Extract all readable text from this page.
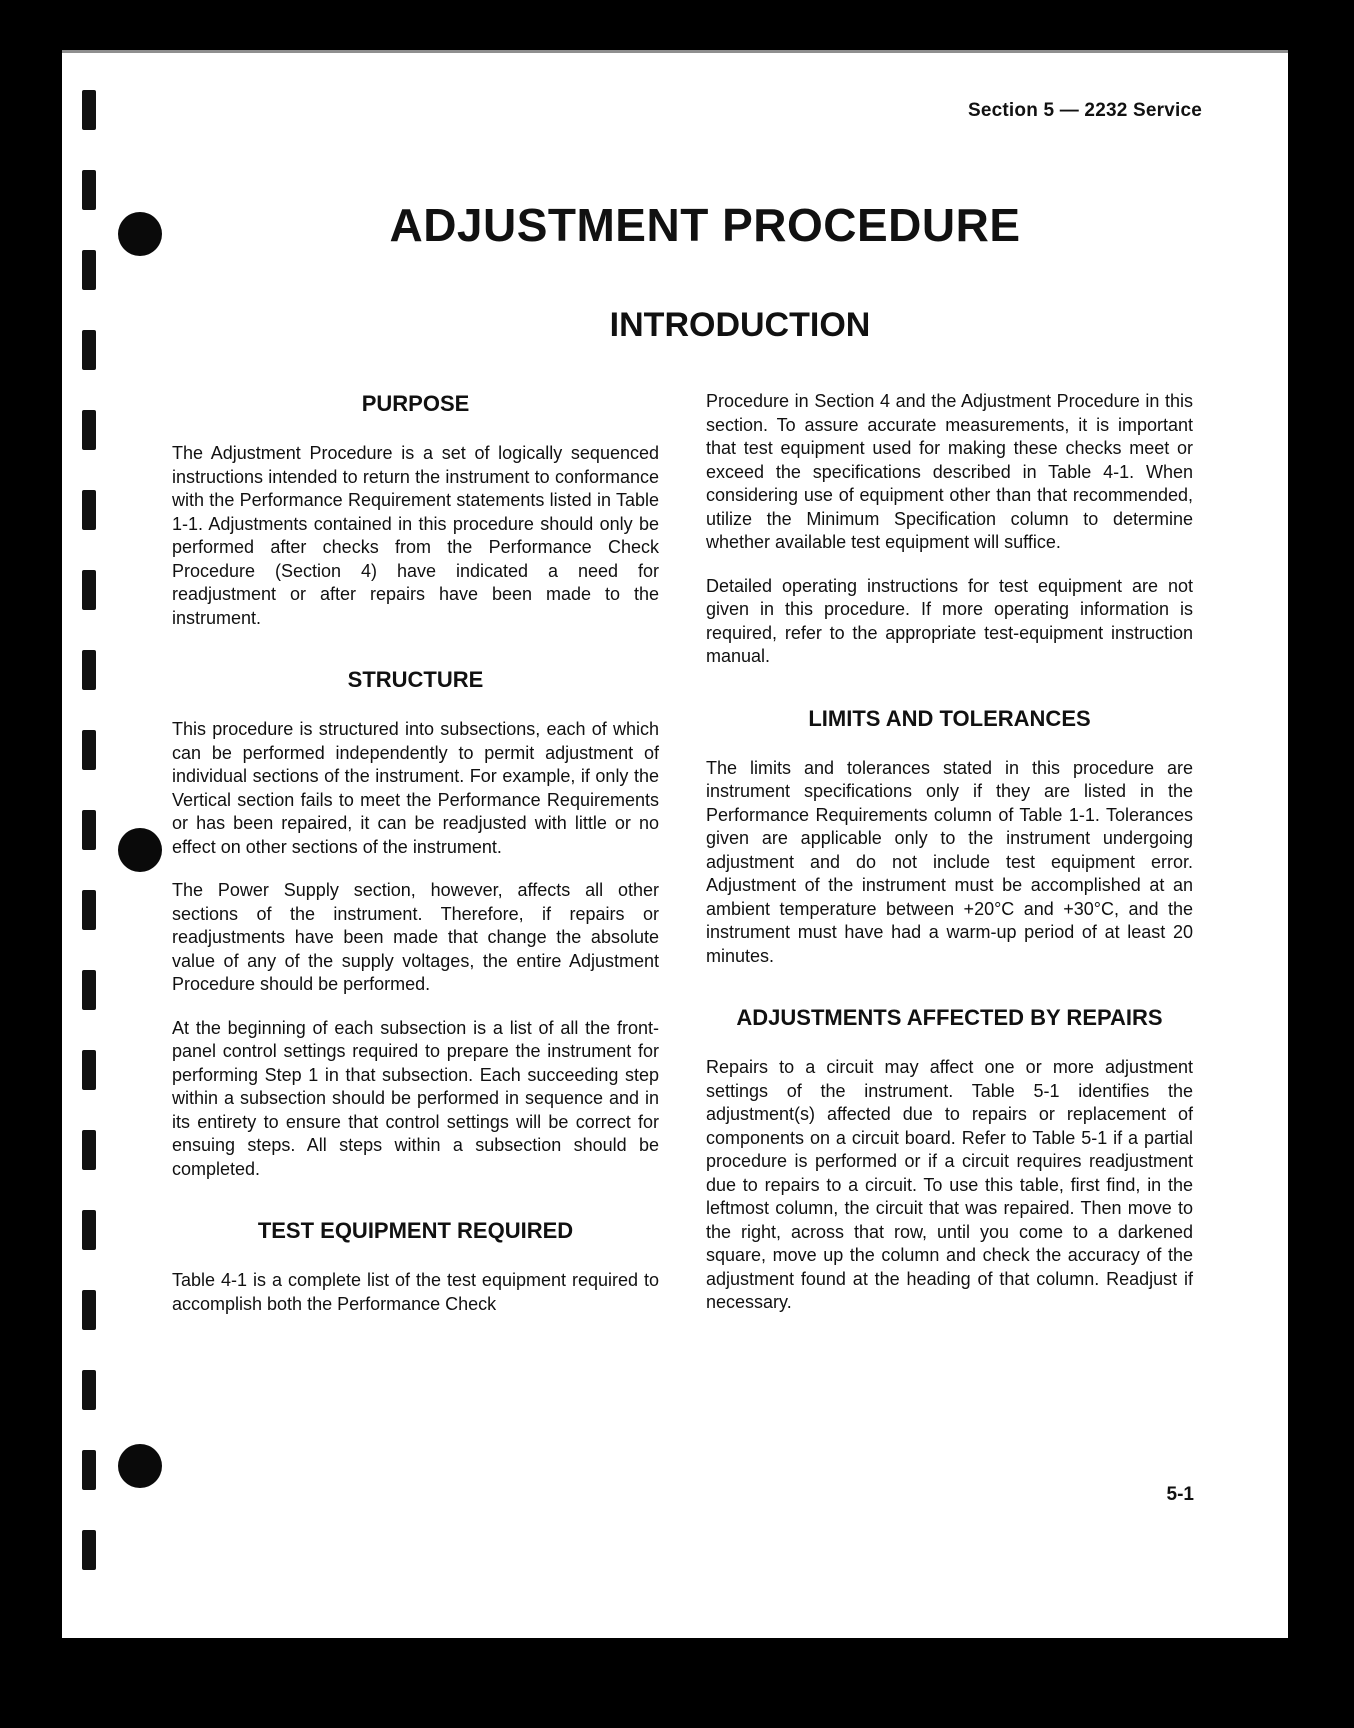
Section 5 — 2232 Service
ADJUSTMENT PROCEDURE
INTRODUCTION
PURPOSE

The Adjustment Procedure is a set of logically sequenced instructions intended to return the instrument to conformance with the Performance Requirement statements listed in Table 1-1. Adjustments contained in this procedure should only be performed after checks from the Performance Check Procedure (Section 4) have indicated a need for readjustment or after repairs have been made to the instrument.

STRUCTURE

This procedure is structured into subsections, each of which can be performed independently to permit adjustment of individual sections of the instrument. For example, if only the Vertical section fails to meet the Performance Requirements or has been repaired, it can be readjusted with little or no effect on other sections of the instrument.

The Power Supply section, however, affects all other sections of the instrument. Therefore, if repairs or readjustments have been made that change the absolute value of any of the supply voltages, the entire Adjustment Procedure should be performed.

At the beginning of each subsection is a list of all the front-panel control settings required to prepare the instrument for performing Step 1 in that subsection. Each succeeding step within a subsection should be performed in sequence and in its entirety to ensure that control settings will be correct for ensuing steps. All steps within a subsection should be completed.

TEST EQUIPMENT REQUIRED

Table 4-1 is a complete list of the test equipment required to accomplish both the Performance Check

Procedure in Section 4 and the Adjustment Procedure in this section. To assure accurate measurements, it is important that test equipment used for making these checks meet or exceed the specifications described in Table 4-1. When considering use of equipment other than that recommended, utilize the Minimum Specification column to determine whether available test equipment will suffice.

Detailed operating instructions for test equipment are not given in this procedure. If more operating information is required, refer to the appropriate test-equipment instruction manual.

LIMITS AND TOLERANCES

The limits and tolerances stated in this procedure are instrument specifications only if they are listed in the Performance Requirements column of Table 1-1. Tolerances given are applicable only to the instrument undergoing adjustment and do not include test equipment error. Adjustment of the instrument must be accomplished at an ambient temperature between +20°C and +30°C, and the instrument must have had a warm-up period of at least 20 minutes.

ADJUSTMENTS AFFECTED BY REPAIRS

Repairs to a circuit may affect one or more adjustment settings of the instrument. Table 5-1 identifies the adjustment(s) affected due to repairs or replacement of components on a circuit board. Refer to Table 5-1 if a partial procedure is performed or if a circuit requires readjustment due to repairs to a circuit. To use this table, first find, in the leftmost column, the circuit that was repaired. Then move to the right, across that row, until you come to a darkened square, move up the column and check the accuracy of the adjustment found at the heading of that column. Readjust if necessary.

5-1
